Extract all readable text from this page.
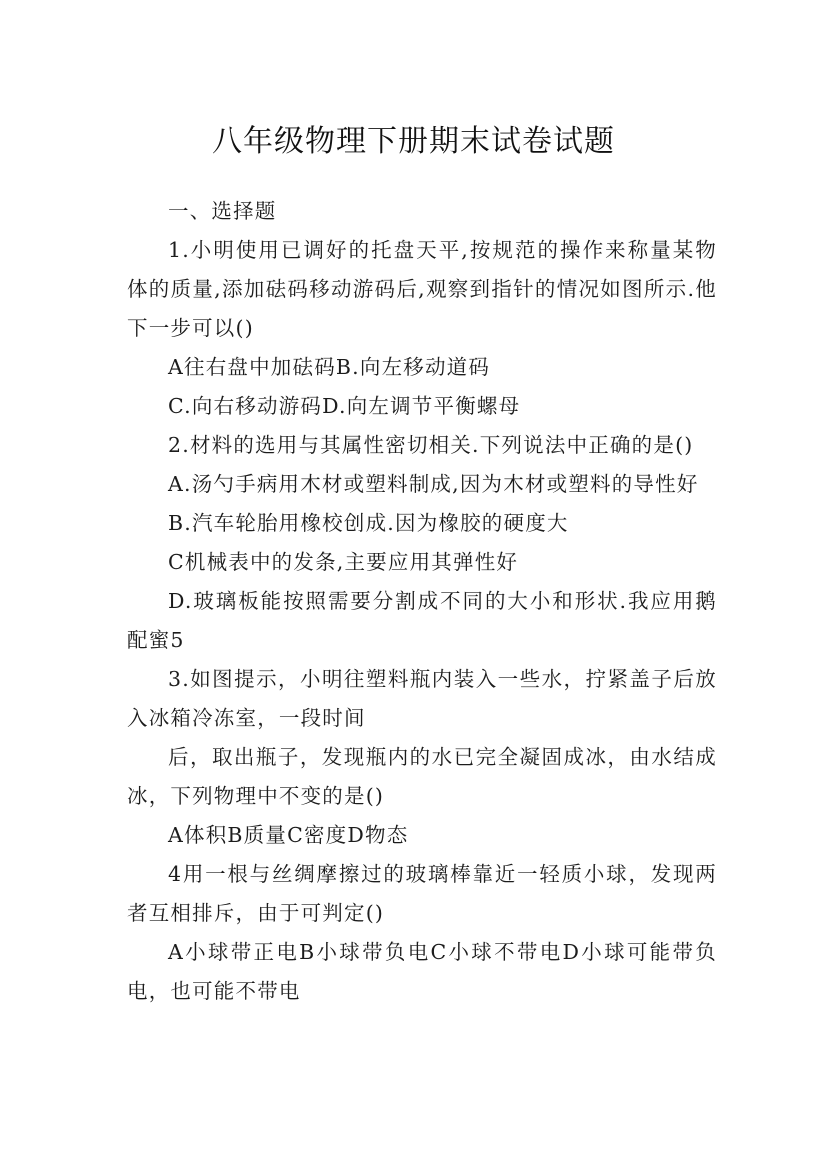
八年级物理下册期末试卷试题

一、选择题

1.小明使用已调好的托盘天平,按规范的操作来称量某物体的质量,添加砝码移动游码后,观察到指针的情况如图所示.他下一步可以()

A往右盘中加砝码B.向左移动道码

C.向右移动游码D.向左调节平衡螺母

2.材料的选用与其属性密切相关.下列说法中正确的是()

A.汤勺手病用木材或塑料制成,因为木材或塑料的导性好

B.汽车轮胎用橡校创成.因为橡胶的硬度大

C机械表中的发条,主要应用其弹性好

D.玻璃板能按照需要分割成不同的大小和形状.我应用鹅配蜜5

3.如图提示，小明往塑料瓶内装入一些水，拧紧盖子后放入冰箱冷冻室，一段时间

后，取出瓶子，发现瓶内的水已完全凝固成冰，由水结成冰，下列物理中不变的是()

A体积B质量C密度D物态

4用一根与丝绸摩擦过的玻璃棒靠近一轻质小球，发现两者互相排斥，由于可判定()

A小球带正电B小球带负电C小球不带电D小球可能带负电，也可能不带电
